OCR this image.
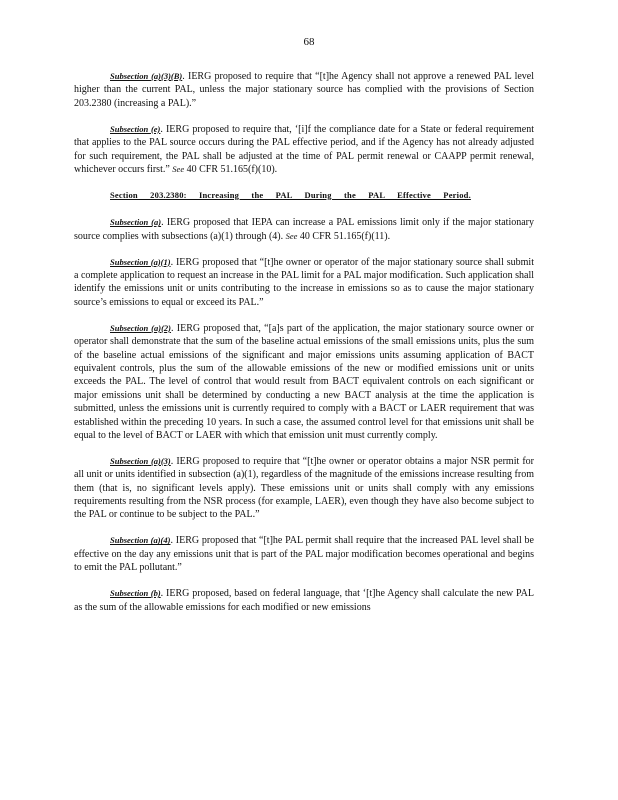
68

Subsection (a)(3)(B). IERG proposed to require that “[t]he Agency shall not approve a renewed PAL level higher than the current PAL, unless the major stationary source has complied with the provisions of Section 203.2380 (increasing a PAL).”

Subsection (e). IERG proposed to require that, ‘[i]f the compliance date for a State or federal requirement that applies to the PAL source occurs during the PAL effective period, and if the Agency has not already adjusted for such requirement, the PAL shall be adjusted at the time of PAL permit renewal or CAAPP permit renewal, whichever occurs first.” See 40 CFR 51.165(f)(10).

Section 203.2380: Increasing the PAL During the PAL Effective Period.

Subsection (a). IERG proposed that IEPA can increase a PAL emissions limit only if the major stationary source complies with subsections (a)(1) through (4). See 40 CFR 51.165(f)(11).

Subsection (a)(1). IERG proposed that “[t]he owner or operator of the major stationary source shall submit a complete application to request an increase in the PAL limit for a PAL major modification. Such application shall identify the emissions unit or units contributing to the increase in emissions so as to cause the major stationary source’s emissions to equal or exceed its PAL.”

Subsection (a)(2). IERG proposed that, “[a]s part of the application, the major stationary source owner or operator shall demonstrate that the sum of the baseline actual emissions of the small emissions units, plus the sum of the baseline actual emissions of the significant and major emissions units assuming application of BACT equivalent controls, plus the sum of the allowable emissions of the new or modified emissions unit or units exceeds the PAL. The level of control that would result from BACT equivalent controls on each significant or major emissions unit shall be determined by conducting a new BACT analysis at the time the application is submitted, unless the emissions unit is currently required to comply with a BACT or LAER requirement that was established within the preceding 10 years. In such a case, the assumed control level for that emissions unit shall be equal to the level of BACT or LAER with which that emission unit must currently comply.

Subsection (a)(3). IERG proposed to require that “[t]he owner or operator obtains a major NSR permit for all unit or units identified in subsection (a)(1), regardless of the magnitude of the emissions increase resulting from them (that is, no significant levels apply). These emissions unit or units shall comply with any emissions requirements resulting from the NSR process (for example, LAER), even though they have also become subject to the PAL or continue to be subject to the PAL.”

Subsection (a)(4). IERG proposed that “[t]he PAL permit shall require that the increased PAL level shall be effective on the day any emissions unit that is part of the PAL major modification becomes operational and begins to emit the PAL pollutant.”

Subsection (b). IERG proposed, based on federal language, that ‘[t]he Agency shall calculate the new PAL as the sum of the allowable emissions for each modified or new emissions
